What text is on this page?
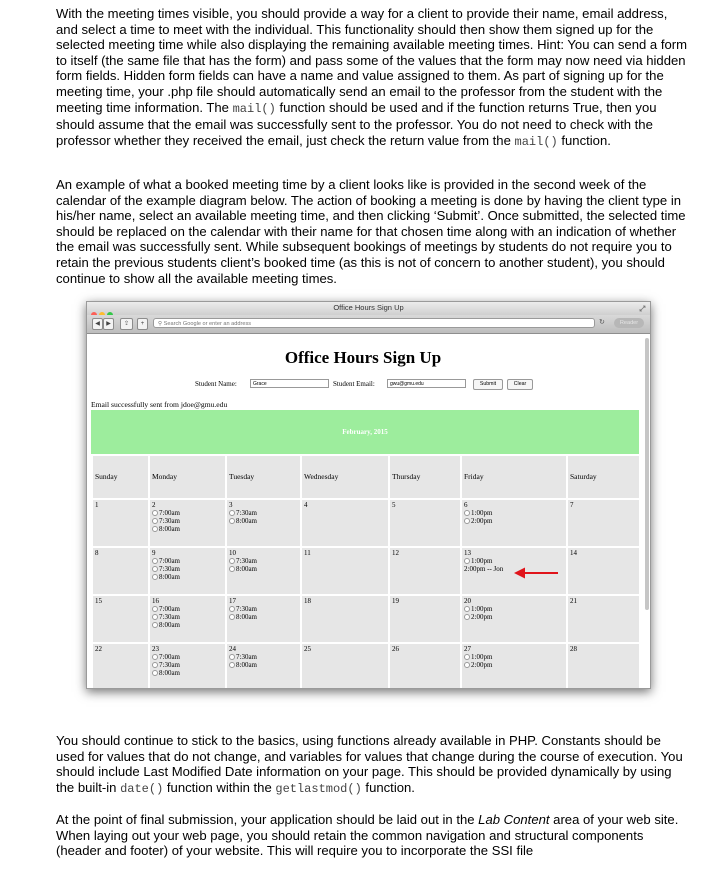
With the meeting times visible, you should provide a way for a client to provide their name, email address, and select a time to meet with the individual. This functionality should then show them signed up for the selected meeting time while also displaying the remaining available meeting times. Hint: You can send a form to itself (the same file that has the form) and pass some of the values that the form may now need via hidden form fields. Hidden form fields can have a name and value assigned to them. As part of signing up for the meeting time, your .php file should automatically send an email to the professor from the student with the meeting time information. The mail() function should be used and if the function returns True, then you should assume that the email was successfully sent to the professor. You do not need to check with the professor whether they received the email, just check the return value from the mail() function.

An example of what a booked meeting time by a client looks like is provided in the second week of the calendar of the example diagram below. The action of booking a meeting is done by having the client type in his/her name, select an available meeting time, and then clicking ‘Submit’. Once submitted, the selected time should be replaced on the calendar with their name for that chosen time along with an indication of whether the email was successfully sent. While subsequent bookings of meetings by students do not require you to retain the previous students client’s booked time (as this is not of concern to another student), you should continue to show all the available meeting times.

Office Hours Sign Up
◀	▶	⇪	+	⚲ Search Google or enter an address	↻	Reader
Office Hours Sign Up
Student Name:	Grace	Student Email:	gwu@gmu.edu	Submit	Clear
Email successfully sent from jdoe@gmu.edu
February, 2015
Sunday	Monday	Tuesday	Wednesday	Thursday	Friday	Saturday

1	2
7:00am
7:30am
8:00am	3
7:30am
8:00am	4	5	6
1:00pm
2:00pm	7

8	9
7:00am
7:30am
8:00am	10
7:30am
8:00am	11	12	13
1:00pm
2:00pm -- Jon	14

15	16
7:00am
7:30am
8:00am	17
7:30am
8:00am	18	19	20
1:00pm
2:00pm	21

22	23
7:00am
7:30am
8:00am	24
7:30am
8:00am	25	26	27
1:00pm
2:00pm	28

You should continue to stick to the basics, using functions already available in PHP. Constants should be used for values that do not change, and variables for values that change during the course of execution. You should include Last Modified Date information on your page. This should be provided dynamically by using the built-in date() function within the getlastmod() function.

At the point of final submission, your application should be laid out in the Lab Content area of your web site. When laying out your web page, you should retain the common navigation and structural components (header and footer) of your website. This will require you to incorporate the SSI file
